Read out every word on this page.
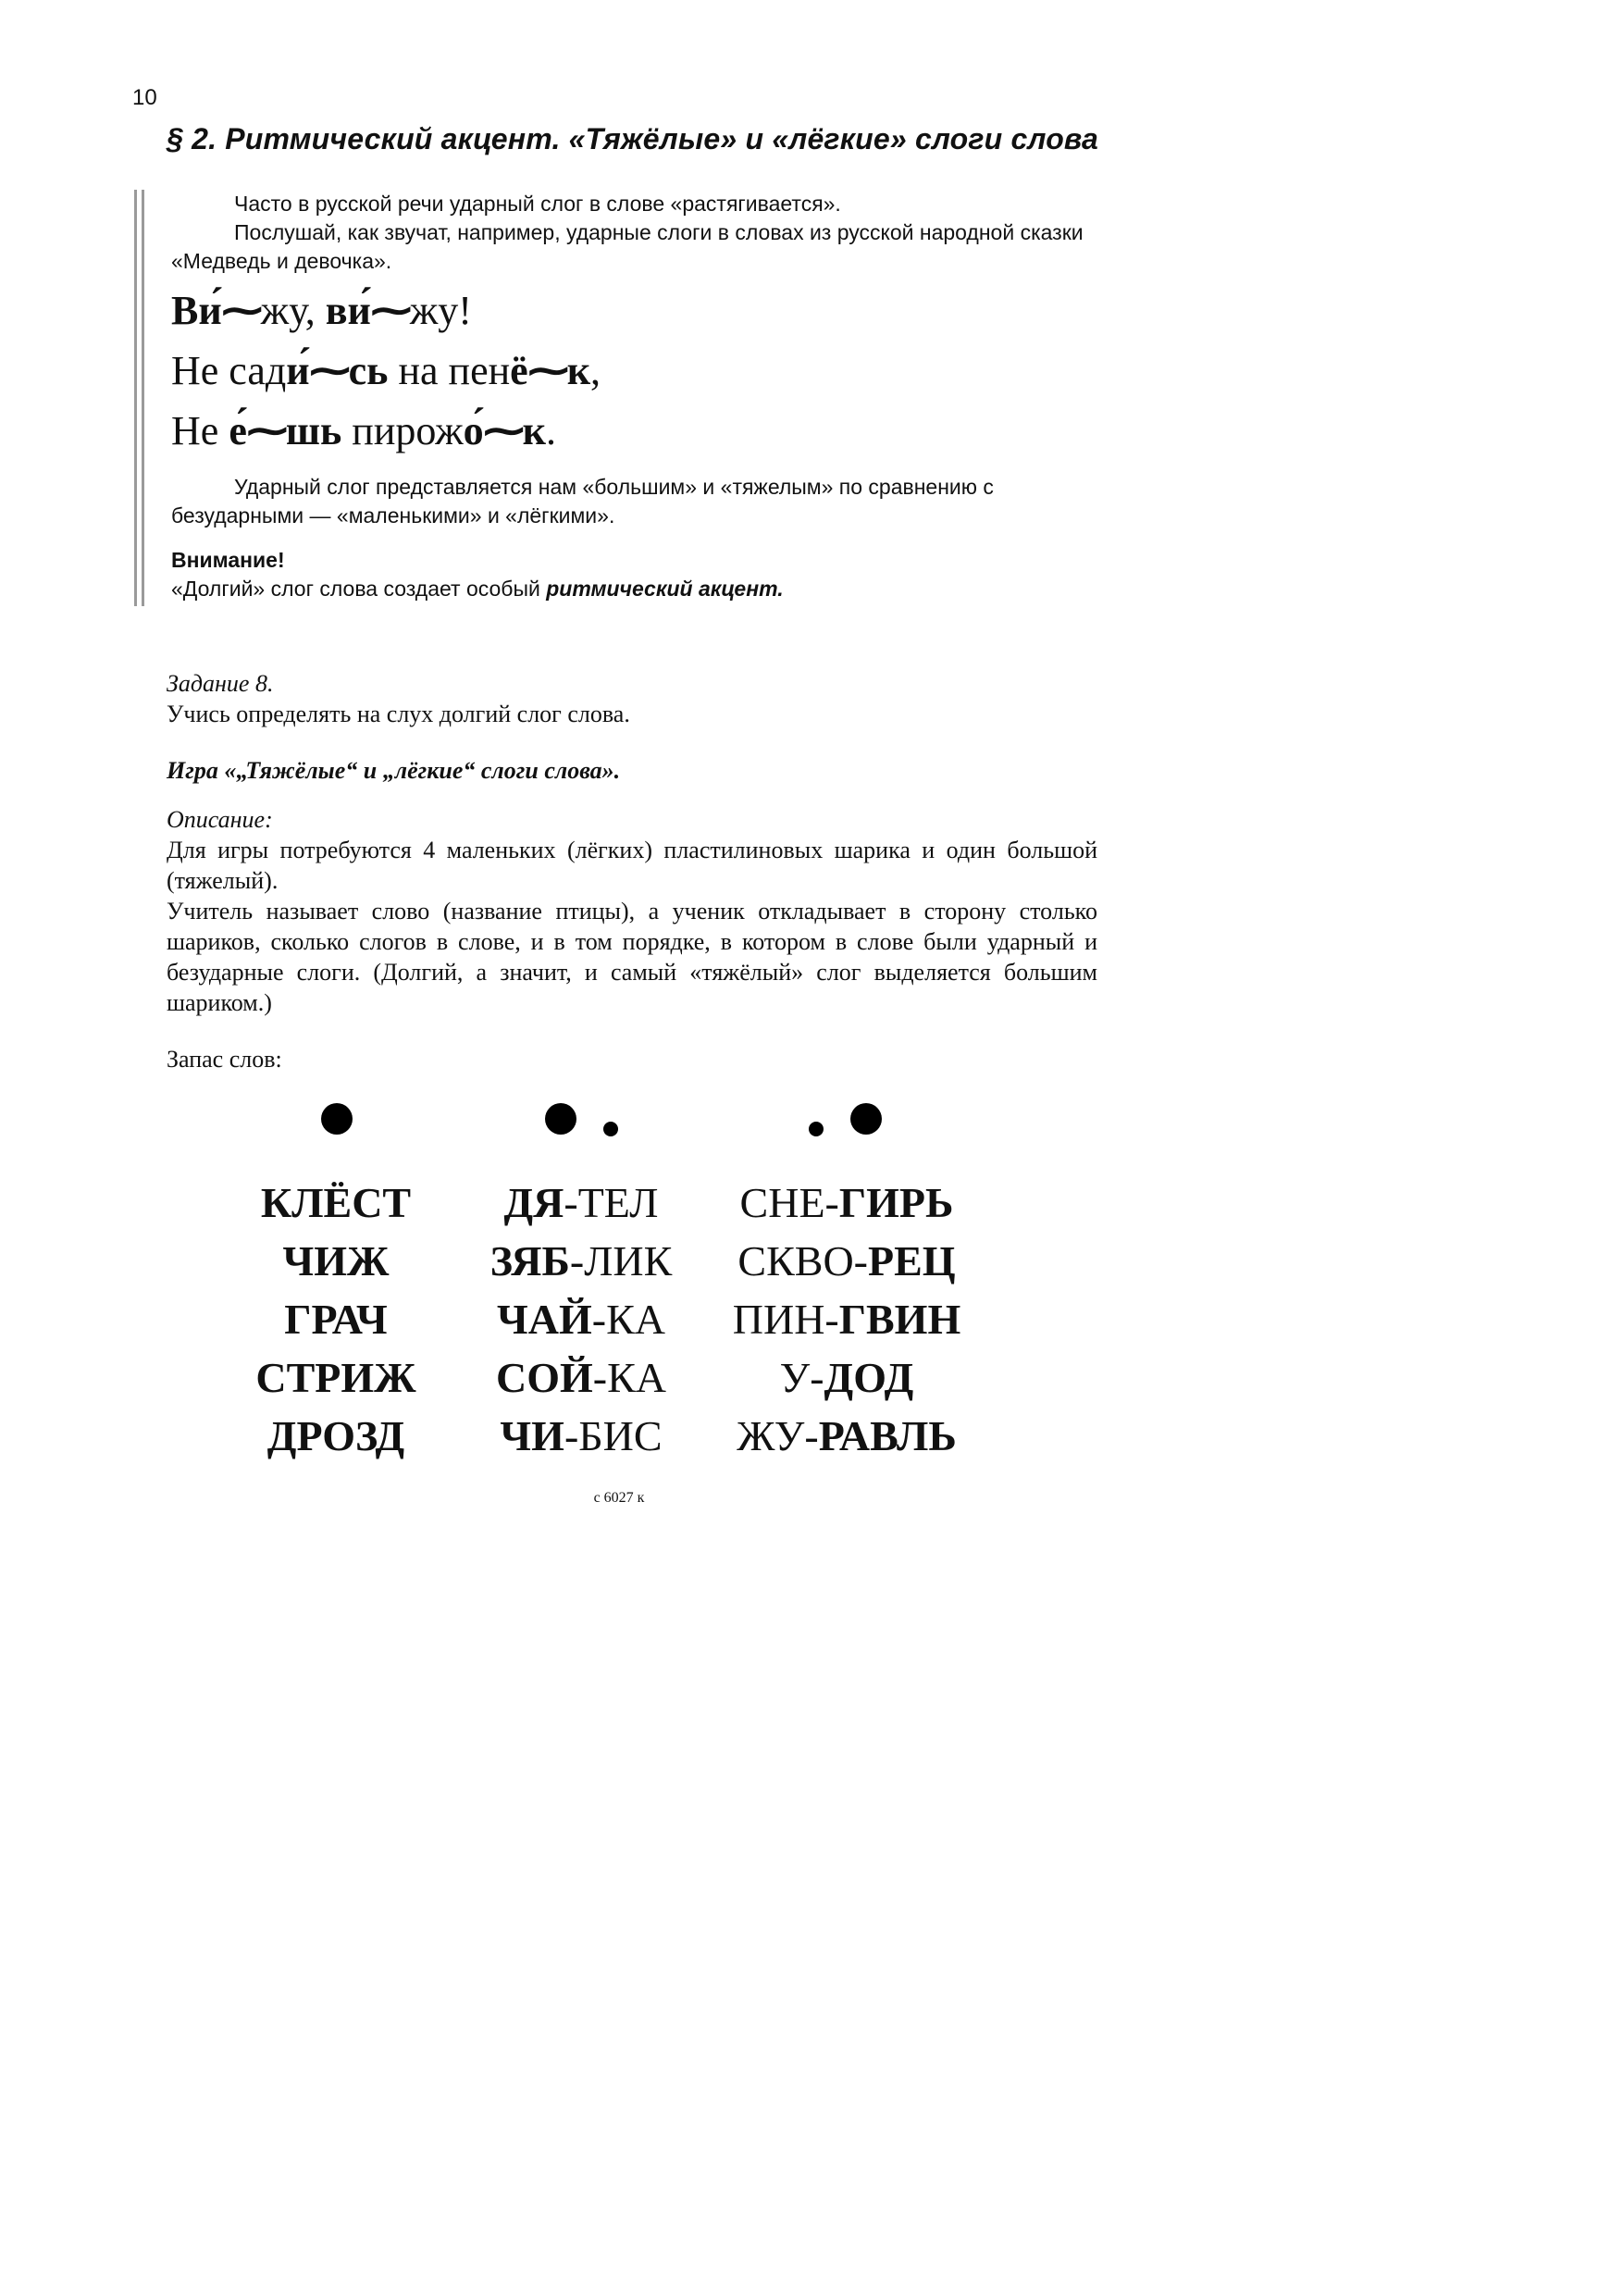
10
§ 2. Ритмический акцент. «Тяжёлые» и «лёгкие» слоги слова

Часто в русской речи ударный слог в слове «растягивается».

Послушай, как звучат, например, ударные слоги в словах из русской народной сказки «Медведь и девочка».

Ви́⁓жу, ви́⁓жу!
Не сади́⁓сь на пенё⁓к,
Не е́⁓шь пирожо́⁓к.

Ударный слог представляется нам «большим» и «тяжелым» по сравнению с безударными — «маленькими» и «лёгкими».

Внимание!

«Долгий» слог слова создает особый ритмический акцент.

Задание 8.

Учись определять на слух долгий слог слова.

Игра «„Тяжёлые“ и „лёгкие“ слоги слова».

Описание:

Для игры потребуются 4 маленьких (лёгких) пластилиновых шарика и один большой (тяжелый).

Учитель называет слово (название птицы), а ученик откладывает в сторону столько шариков, сколько слогов в слове, и в том порядке, в котором в слове были ударный и безударные слоги. (Долгий, а значит, и самый «тяжёлый» слог выделяется большим шариком.)

Запас слов:
КЛЁСТ
ЧИЖ
ГРАЧ
СТРИЖ
ДРОЗД
ДЯ-ТЕЛ
ЗЯБ-ЛИК
ЧАЙ-КА
СОЙ-КА
ЧИ-БИС
СНЕ-ГИРЬ
СКВО-РЕЦ
ПИН-ГВИН
У-ДОД
ЖУ-РАВЛЬ
с 6027 к
